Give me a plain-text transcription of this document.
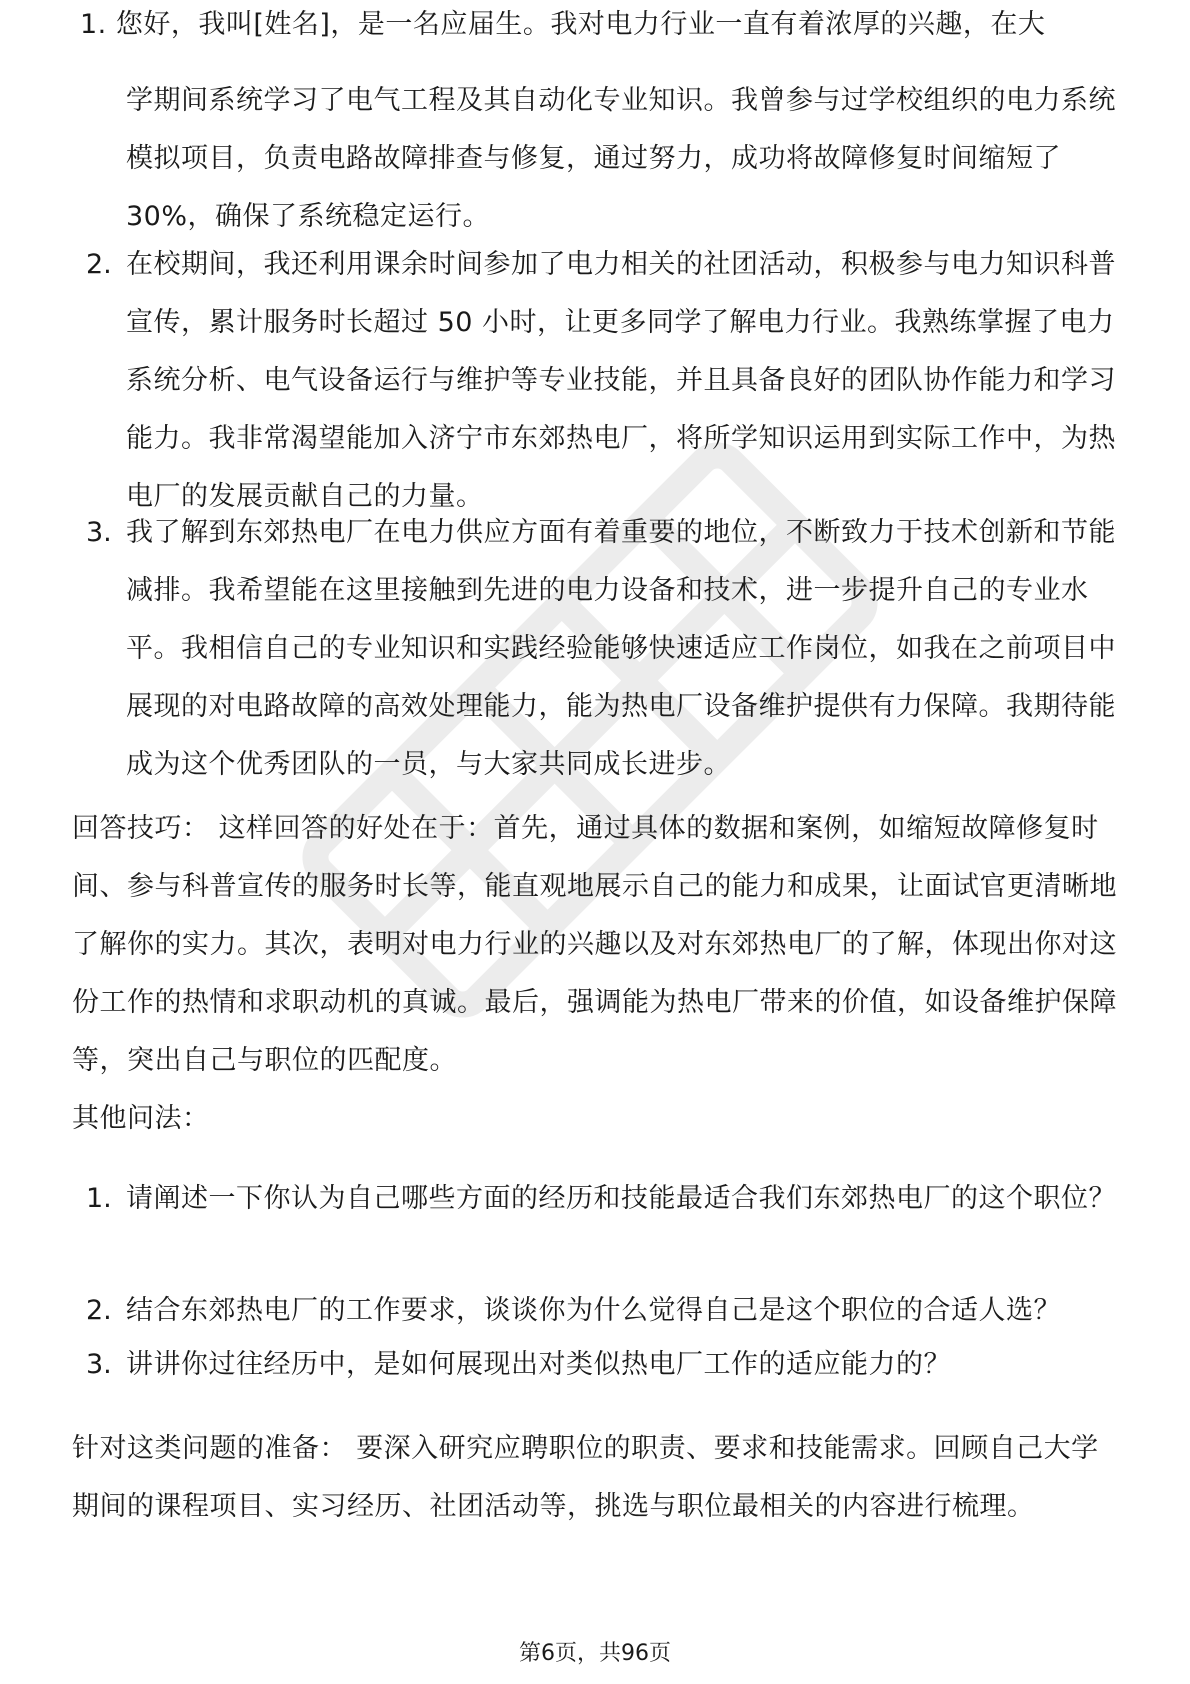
1. 您好，我叫[姓名]，是一名应届生。我对电力行业一直有着浓厚的兴趣，在大
学期间系统学习了电气工程及其自动化专业知识。我曾参与过学校组织的电力系统模拟项目，负责电路故障排查与修复，通过努力，成功将故障修复时间缩短了 30%，确保了系统稳定运行。
2. 在校期间，我还利用课余时间参加了电力相关的社团活动，积极参与电力知识科普宣传，累计服务时长超过 50 小时，让更多同学了解电力行业。我熟练掌握了电力系统分析、电气设备运行与维护等专业技能，并且具备良好的团队协作能力和学习能力。我非常渴望能加入济宁市东郊热电厂，将所学知识运用到实际工作中，为热电厂的发展贡献自己的力量。
3. 我了解到东郊热电厂在电力供应方面有着重要的地位，不断致力于技术创新和节能减排。我希望能在这里接触到先进的电力设备和技术，进一步提升自己的专业水平。我相信自己的专业知识和实践经验能够快速适应工作岗位，如我在之前项目中展现的对电路故障的高效处理能力，能为热电厂设备维护提供有力保障。我期待能成为这个优秀团队的一员，与大家共同成长进步。
回答技巧： 这样回答的好处在于：首先，通过具体的数据和案例，如缩短故障修复时间、参与科普宣传的服务时长等，能直观地展示自己的能力和成果，让面试官更清晰地了解你的实力。其次，表明对电力行业的兴趣以及对东郊热电厂的了解，体现出你对这份工作的热情和求职动机的真诚。最后，强调能为热电厂带来的价值，如设备维护保障等，突出自己与职位的匹配度。
其他问法：
1. 请阐述一下你认为自己哪些方面的经历和技能最适合我们东郊热电厂的这个职位？
2. 结合东郊热电厂的工作要求，谈谈你为什么觉得自己是这个职位的合适人选？
3. 讲讲你过往经历中，是如何展现出对类似热电厂工作的适应能力的？
针对这类问题的准备： 要深入研究应聘职位的职责、要求和技能需求。回顾自己大学期间的课程项目、实习经历、社团活动等，挑选与职位最相关的内容进行梳理。
第6页，共96页
